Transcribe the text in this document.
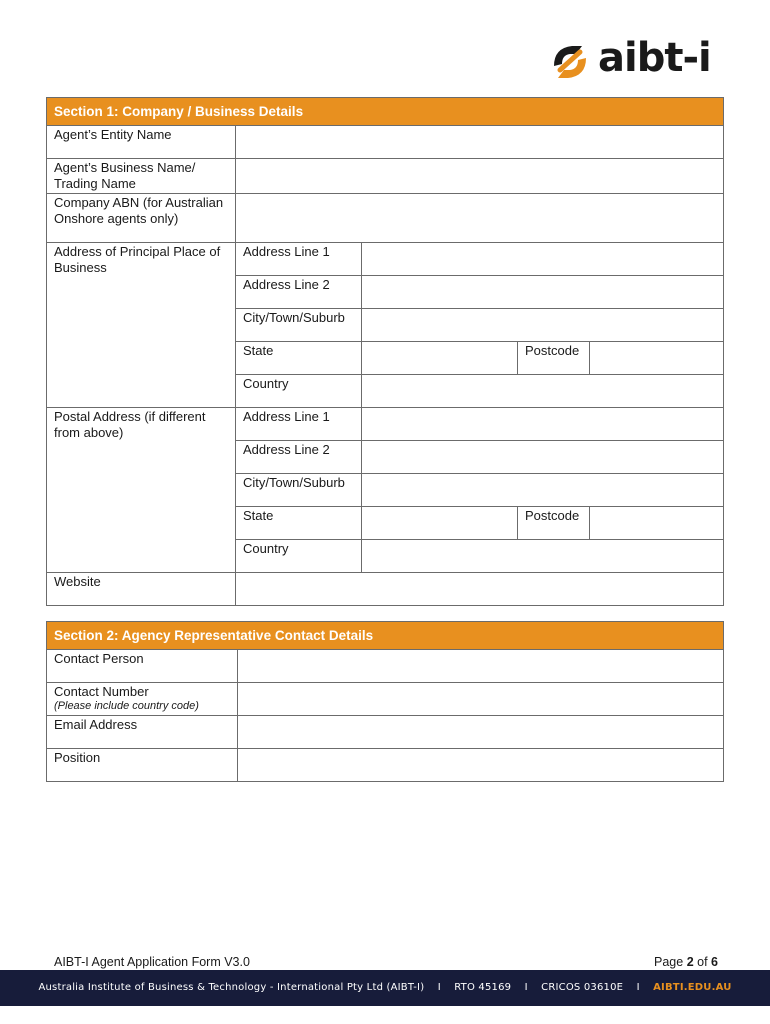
aibt-i
Section 1: Company / Business Details				
Agent’s Entity Name				
Agent’s Business Name/ Trading Name				
Company ABN (for Australian Onshore agents only)				
Address of Principal Place of Business	Address Line 1			
	Address Line 2			
	City/Town/Suburb			
	State		Postcode	
	Country			
Postal Address (if different from above)	Address Line 1			
	Address Line 2			
	City/Town/Suburb			
	State		Postcode	
	Country			
Website				
Section 2: Agency Representative Contact Details	
Contact Person	
Contact Number
(Please include country code)	

Email Address	
Position	
AIBT-I Agent Application Form V3.0	Page 2 of 6
Australia Institute of Business & Technology - International Pty Ltd (AIBT-I) I RTO 45169 I CRICOS 03610E I AIBTI.EDU.AU
